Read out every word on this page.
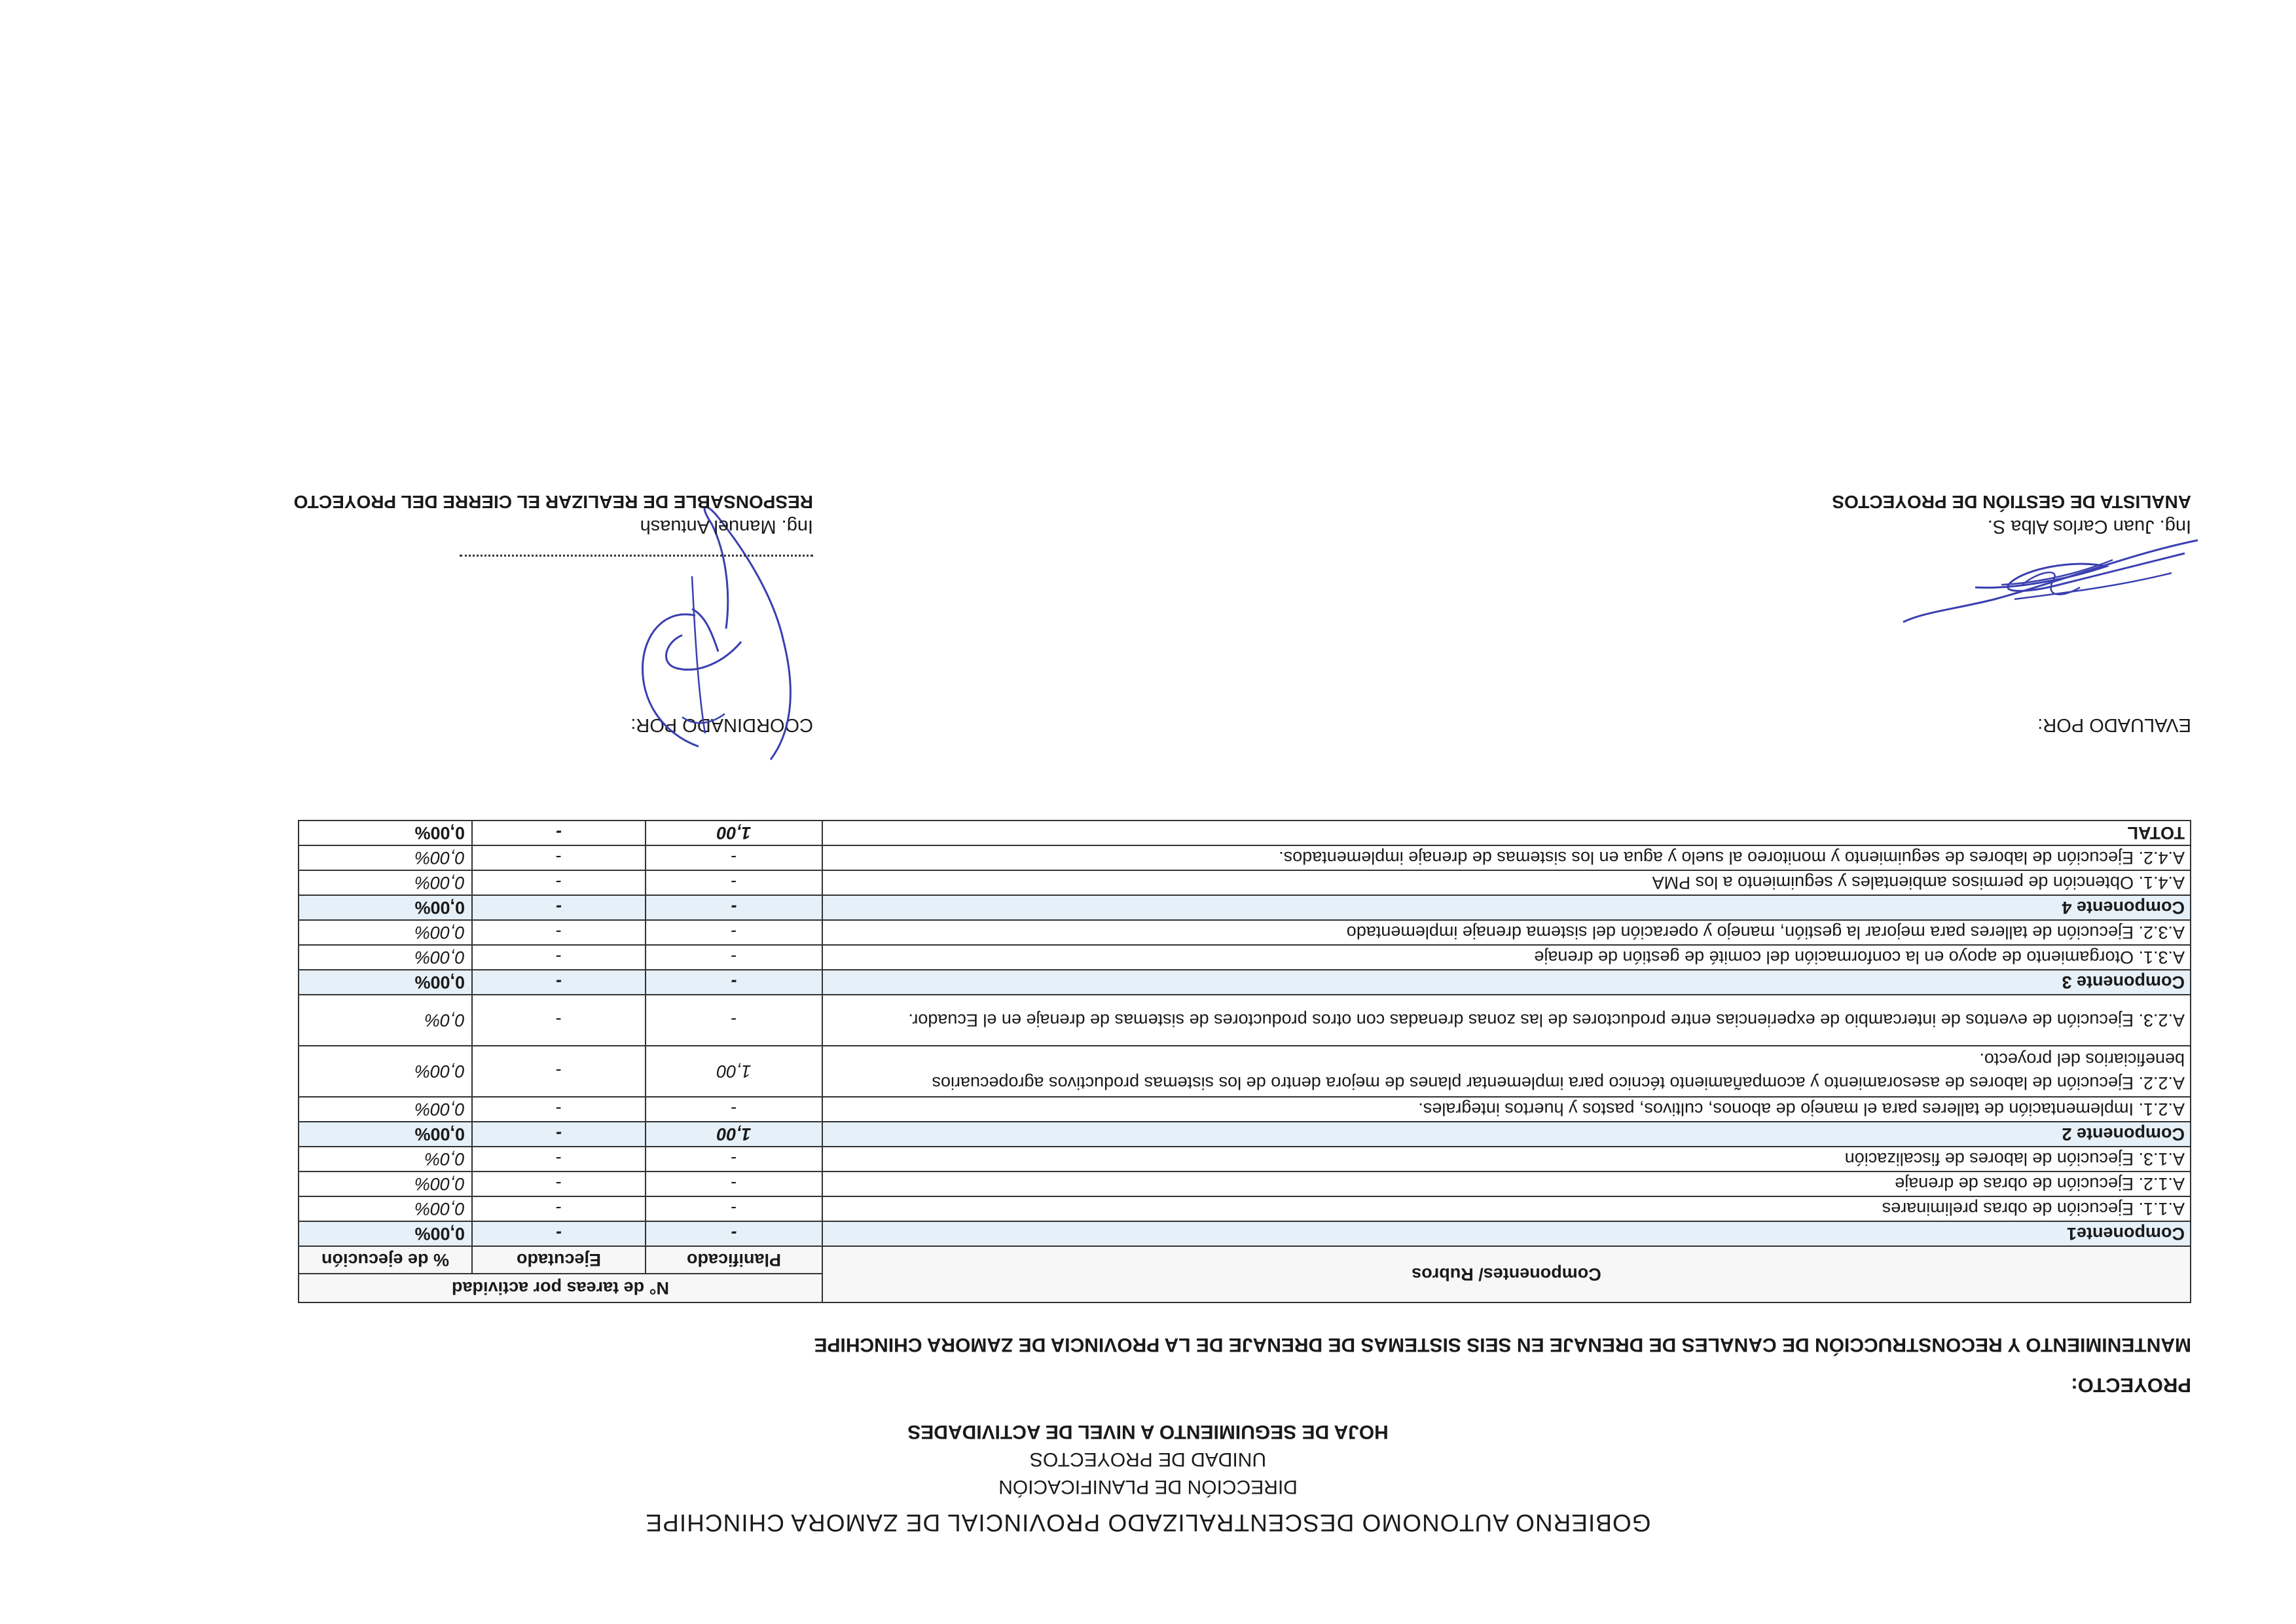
GOBIERNO AUTONOMO DESCENTRALIZADO PROVINCIAL DE ZAMORA CHINCHIPE
DIRECCIÓN DE PLANIFICACIÓN
UNIDAD DE PROYECTOS
HOJA DE SEGUIMIENTO A NIVEL DE ACTIVIDADES
PROYECTO:
MANTENIMIENTO Y RECONSTRUCCIÓN DE CANALES DE DRENAJE EN SEIS SISTEMAS DE DRENAJE DE LA PROVINCIA DE ZAMORA CHINCHIPE
Componentes/ Rubros	N° de tareas por actividad		
	Planificado	Ejecutado	% de ejecución
Componente1	-	-	0,00%
A.1.1. Ejecución de obras preliminares	-	-	0,00%
A.1.2. Ejecución de obras de drenaje	-	-	0,00%
A.1.3. Ejecución de labores de fiscalización	-	-	0,0%
Componente 2	1,00	-	0,00%
A.2.1. Implementación de talleres para el manejo de abonos, cultivos, pastos y huertos integrales.	-	-	0,00%
A.2.2. Ejecución de labores de asesoramiento y acompañamiento técnico para implementar planes de mejora dentro de los sistemas productivos agropecuarios beneficiarios del proyecto.	1,00	-	0,00%
A.2.3. Ejecución de eventos de intercambio de experiencias entre productores de las zonas drenadas con otros productores de sistemas de drenaje en el Ecuador.	-	-	0,0%
Componente 3	-	-	0,00%
A.3.1. Otorgamiento de apoyo en la conformación del comité de gestión de drenaje	-	-	0,00%
A.3.2. Ejecución de talleres para mejorar la gestión, manejo y operación del sistema drenaje implementado	-	-	0,00%
Componente 4	-	-	0,00%
A.4.1. Obtención de permisos ambientales y seguimiento a los PMA	-	-	0,00%
A.4.2. Ejecución de labores de seguimiento y monitoreo al suelo y agua en los sistemas de drenaje implementados.	-	-	0,00%
TOTAL	1,00	-	0,00%
EVALUADO POR:
COORDINADO POR:
Ing. Juan Carlos Alba S.
ANALISTA DE GESTIÓN DE PROYECTOS
Ing. Manuel Antuash
RESPONSABLE DE REALIZAR EL CIERRE DEL PROYECTO
